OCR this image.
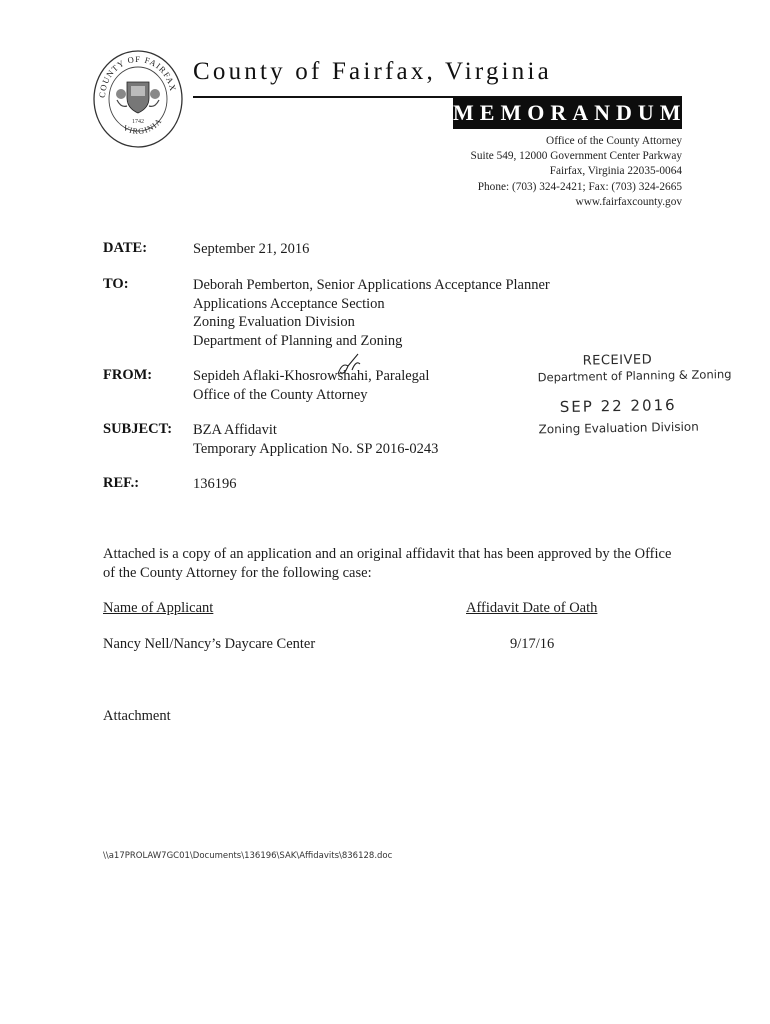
COUNTY OF FAIRFAX
VIRGINIA
1742
County of Fairfax, Virginia
MEMORANDUM
Office of the County Attorney
Suite 549, 12000 Government Center Parkway
Fairfax, Virginia 22035-0064
Phone: (703) 324-2421; Fax: (703) 324-2665
www.fairfaxcounty.gov
DATE:	September 21, 2016
TO:	Deborah Pemberton, Senior Applications Acceptance Planner
Applications Acceptance Section
Zoning Evaluation Division
Department of Planning and Zoning
FROM:	Sepideh Aflaki-Khosrowshahi, Paralegal
Office of the County Attorney
SUBJECT: BZA Affidavit
Temporary Application No. SP 2016-0243
REF.:	136196
RECEIVED
Department of Planning & Zoning
SEP 22 2016
Zoning Evaluation Division
Attached is a copy of an application and an original affidavit that has been approved by the Office of the County Attorney for the following case:
Name of Applicant	Affidavit Date of Oath
Nancy Nell/Nancy’s Daycare Center	9/17/16
Attachment
\\a17PROLAW7GC01\Documents\136196\SAK\Affidavits\836128.doc
